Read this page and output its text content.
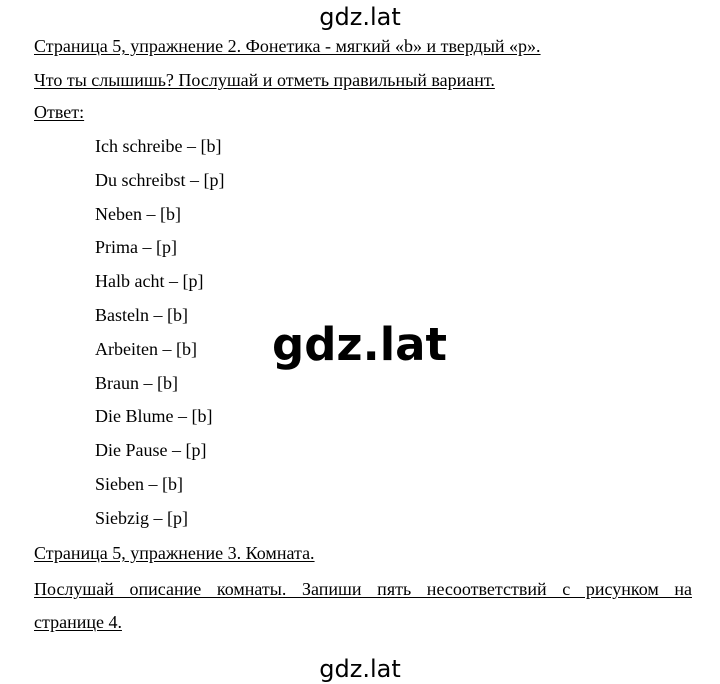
gdz.lat
Страница 5, упражнение 2. Фонетика - мягкий «b» и твердый «p».
Что ты слышишь? Послушай и отметь правильный вариант.
Ответ:
Ich schreibe – [b]
Du schreibst – [p]
Neben – [b]
Prima – [p]
Halb acht – [p]
Basteln – [b]
Arbeiten – [b]
Braun – [b]
Die Blume – [b]
Die Pause – [p]
Sieben – [b]
Siebzig – [p]
gdz.lat
Страница 5, упражнение 3. Комната.
Послушай описание комнаты. Запиши пять несоответствий с рисунком на
странице 4.
gdz.lat
